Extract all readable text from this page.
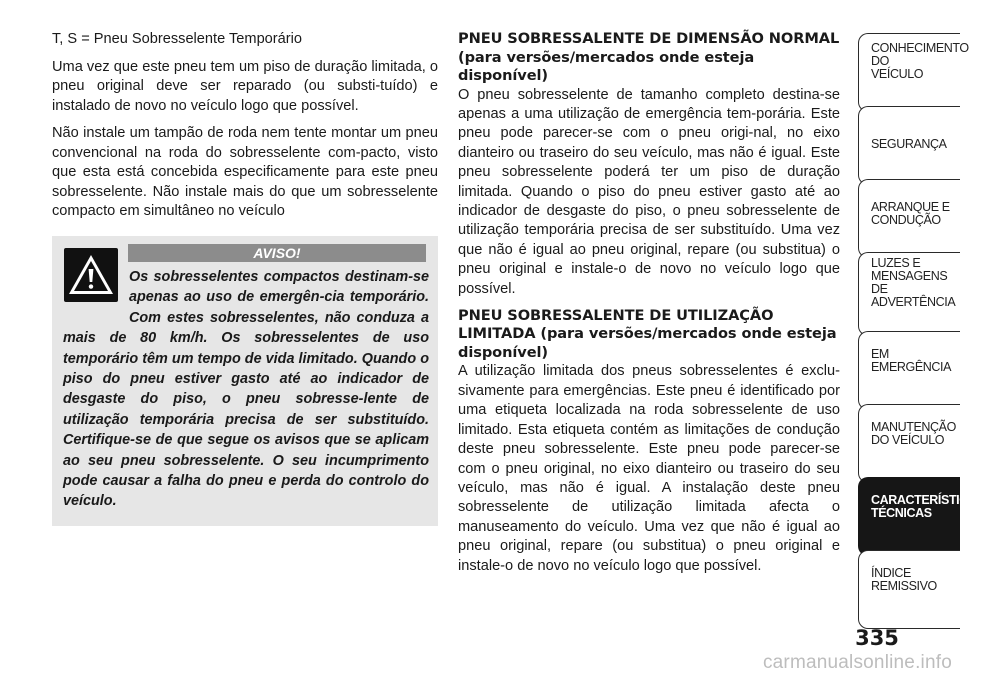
T, S = Pneu Sobresselente Temporário

Uma vez que este pneu tem um piso de duração limitada, o pneu original deve ser reparado (ou substi-tuído) e instalado de novo no veículo logo que possível.

Não instale um tampão de roda nem tente montar um pneu convencional na roda do sobresselente com-pacto, visto que esta está concebida especificamente para este pneu sobresselente. Não instale mais do que um sobresselente compacto em simultâneo no veículo

AVISO!

Os sobresselentes compactos destinam-se apenas ao uso de emergên-cia temporário. Com estes sobresselentes, não conduza a mais de 80 km/h. Os sobresselentes de uso temporário têm um tempo de vida limitado. Quando o piso do pneu estiver gasto até ao indicador de desgaste do piso, o pneu sobresse-lente de utilização temporária precisa de ser substituído. Certifique-se de que segue os avisos que se aplicam ao seu pneu sobresselente. O seu incumprimento pode causar a falha do pneu e perda do controlo do veículo.

PNEU SOBRESSALENTE DE DIMENSÃO NORMAL (para versões/mercados onde esteja disponível)

O pneu sobresselente de tamanho completo destina-se apenas a uma utilização de emergência tem-porária. Este pneu pode parecer-se com o pneu origi-nal, no eixo dianteiro ou traseiro do seu veículo, mas não é igual. Este pneu sobresselente poderá ter um piso de duração limitada. Quando o piso do pneu estiver gasto até ao indicador de desgaste do piso, o pneu sobresselente de utilização temporária precisa de ser substituído. Uma vez que não é igual ao pneu original, repare (ou substitua) o pneu original e instale-o de novo no veículo logo que possível.

PNEU SOBRESSALENTE DE UTILIZAÇÃO LIMITADA (para versões/mercados onde esteja disponível)

A utilização limitada dos pneus sobresselentes é exclu-sivamente para emergências. Este pneu é identificado por uma etiqueta localizada na roda sobresselente de uso limitado. Esta etiqueta contém as limitações de condução deste pneu sobresselente. Este pneu pode parecer-se com o pneu original, no eixo dianteiro ou traseiro do seu veículo, mas não é igual. A instalação deste pneu sobresselente de utilização limitada afecta o manuseamento do veículo. Uma vez que não é igual ao pneu original, repare (ou substitua) o pneu original e instale-o de novo no veículo logo que possível.

CONHECIMENTO
DO
VEÍCULO
SEGURANÇA
ARRANQUE E
CONDUÇÃO
LUZES E
MENSAGENS
DE
ADVERTÊNCIA
EM
EMERGÊNCIA
MANUTENÇÃO
DO VEÍCULO
CARACTERÍSTICAS
TÉCNICAS
ÍNDICE
REMISSIVO
335
carmanualsonline.info
